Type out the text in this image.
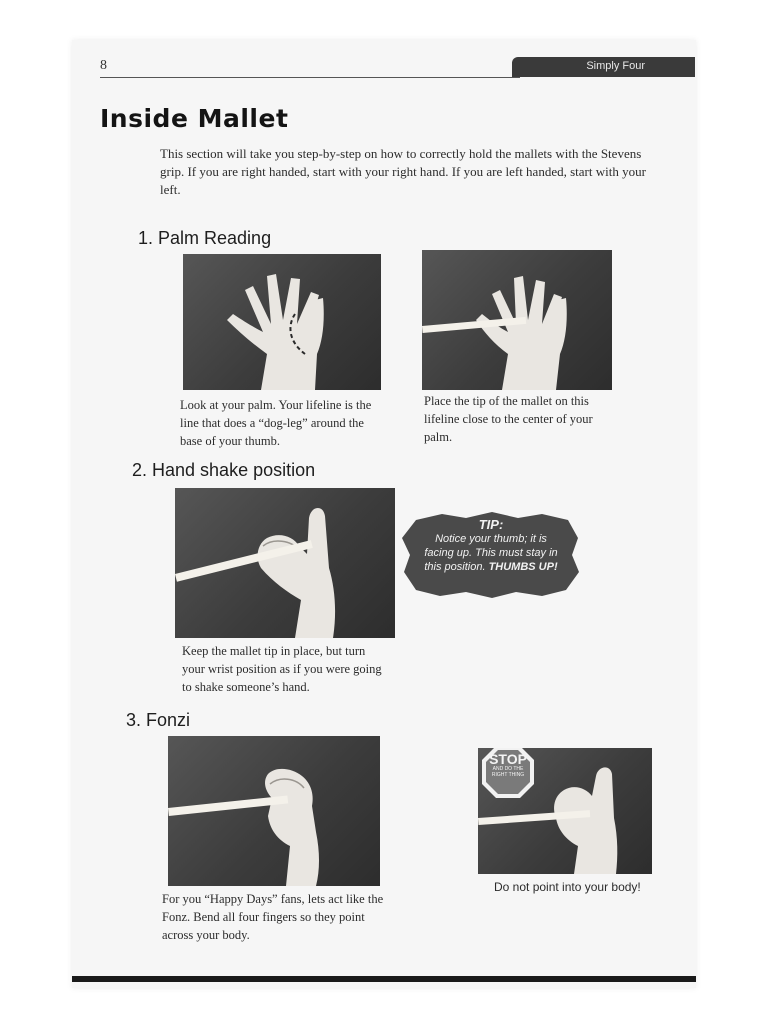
8	Simply Four
Inside Mallet

This section will take you step-by-step on how to correctly hold the mallets with the Stevens grip. If you are right handed, start with your right hand. If you are left handed, start with your left.

1. Palm Reading
Look at your palm. Your lifeline is the line that does a “dog-leg” around the base of your thumb.
Place the tip of the mallet on this lifeline close to the center of your palm.
2. Hand shake position
Keep the mallet tip in place, but turn your wrist position as if you were going to shake someone’s hand.
TIP:
Notice your thumb; it is facing up. This must stay in this position. THUMBS UP!
3. Fonzi
For you “Happy Days” fans, lets act like the Fonz. Bend all four fingers so they point across your body.
STOP
AND DO THE
RIGHT THING
Do not point into your body!
